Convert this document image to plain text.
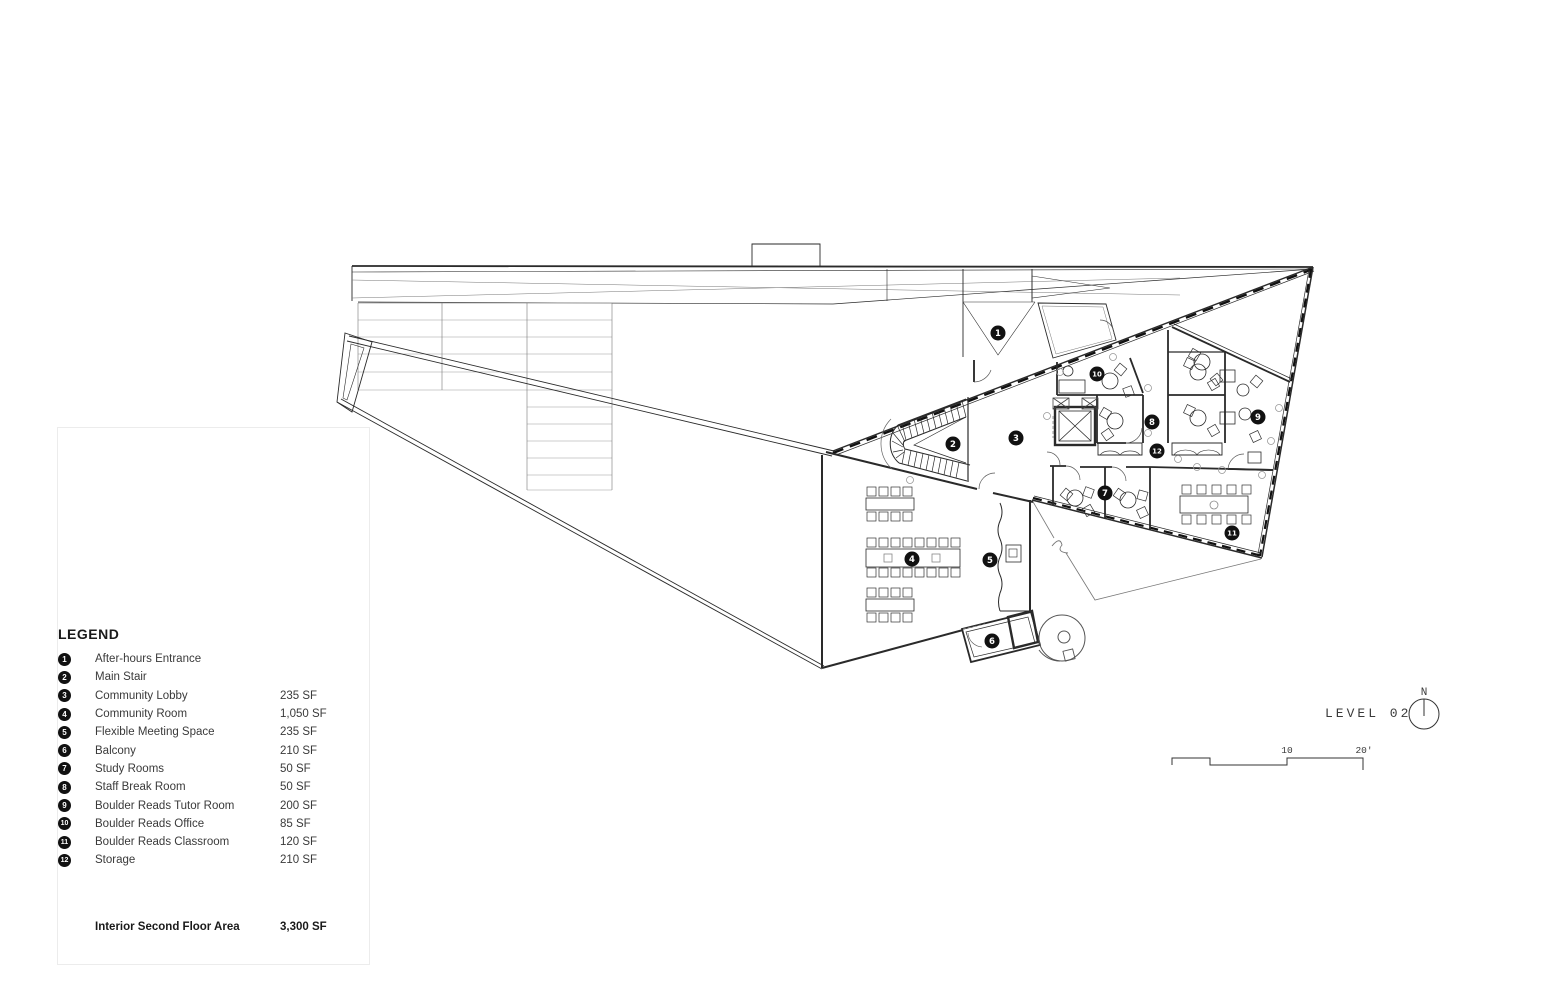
N
LEVEL 02
10	20'
1
2
3
4	5
6
7
8	9
10
11
12
LEGEND
1	After-hours Entrance
2	Main Stair
3	Community Lobby	235 SF
4	Community Room	1,050 SF
5	Flexible Meeting Space	235 SF
6	Balcony	210 SF
7	Study Rooms	50 SF
8	Staff Break Room	50 SF
9	Boulder Reads Tutor Room	200 SF
10 Boulder Reads Office	85 SF
11 Boulder Reads Classroom	120 SF
12 Storage	210 SF
Interior Second Floor Area	3,300 SF
